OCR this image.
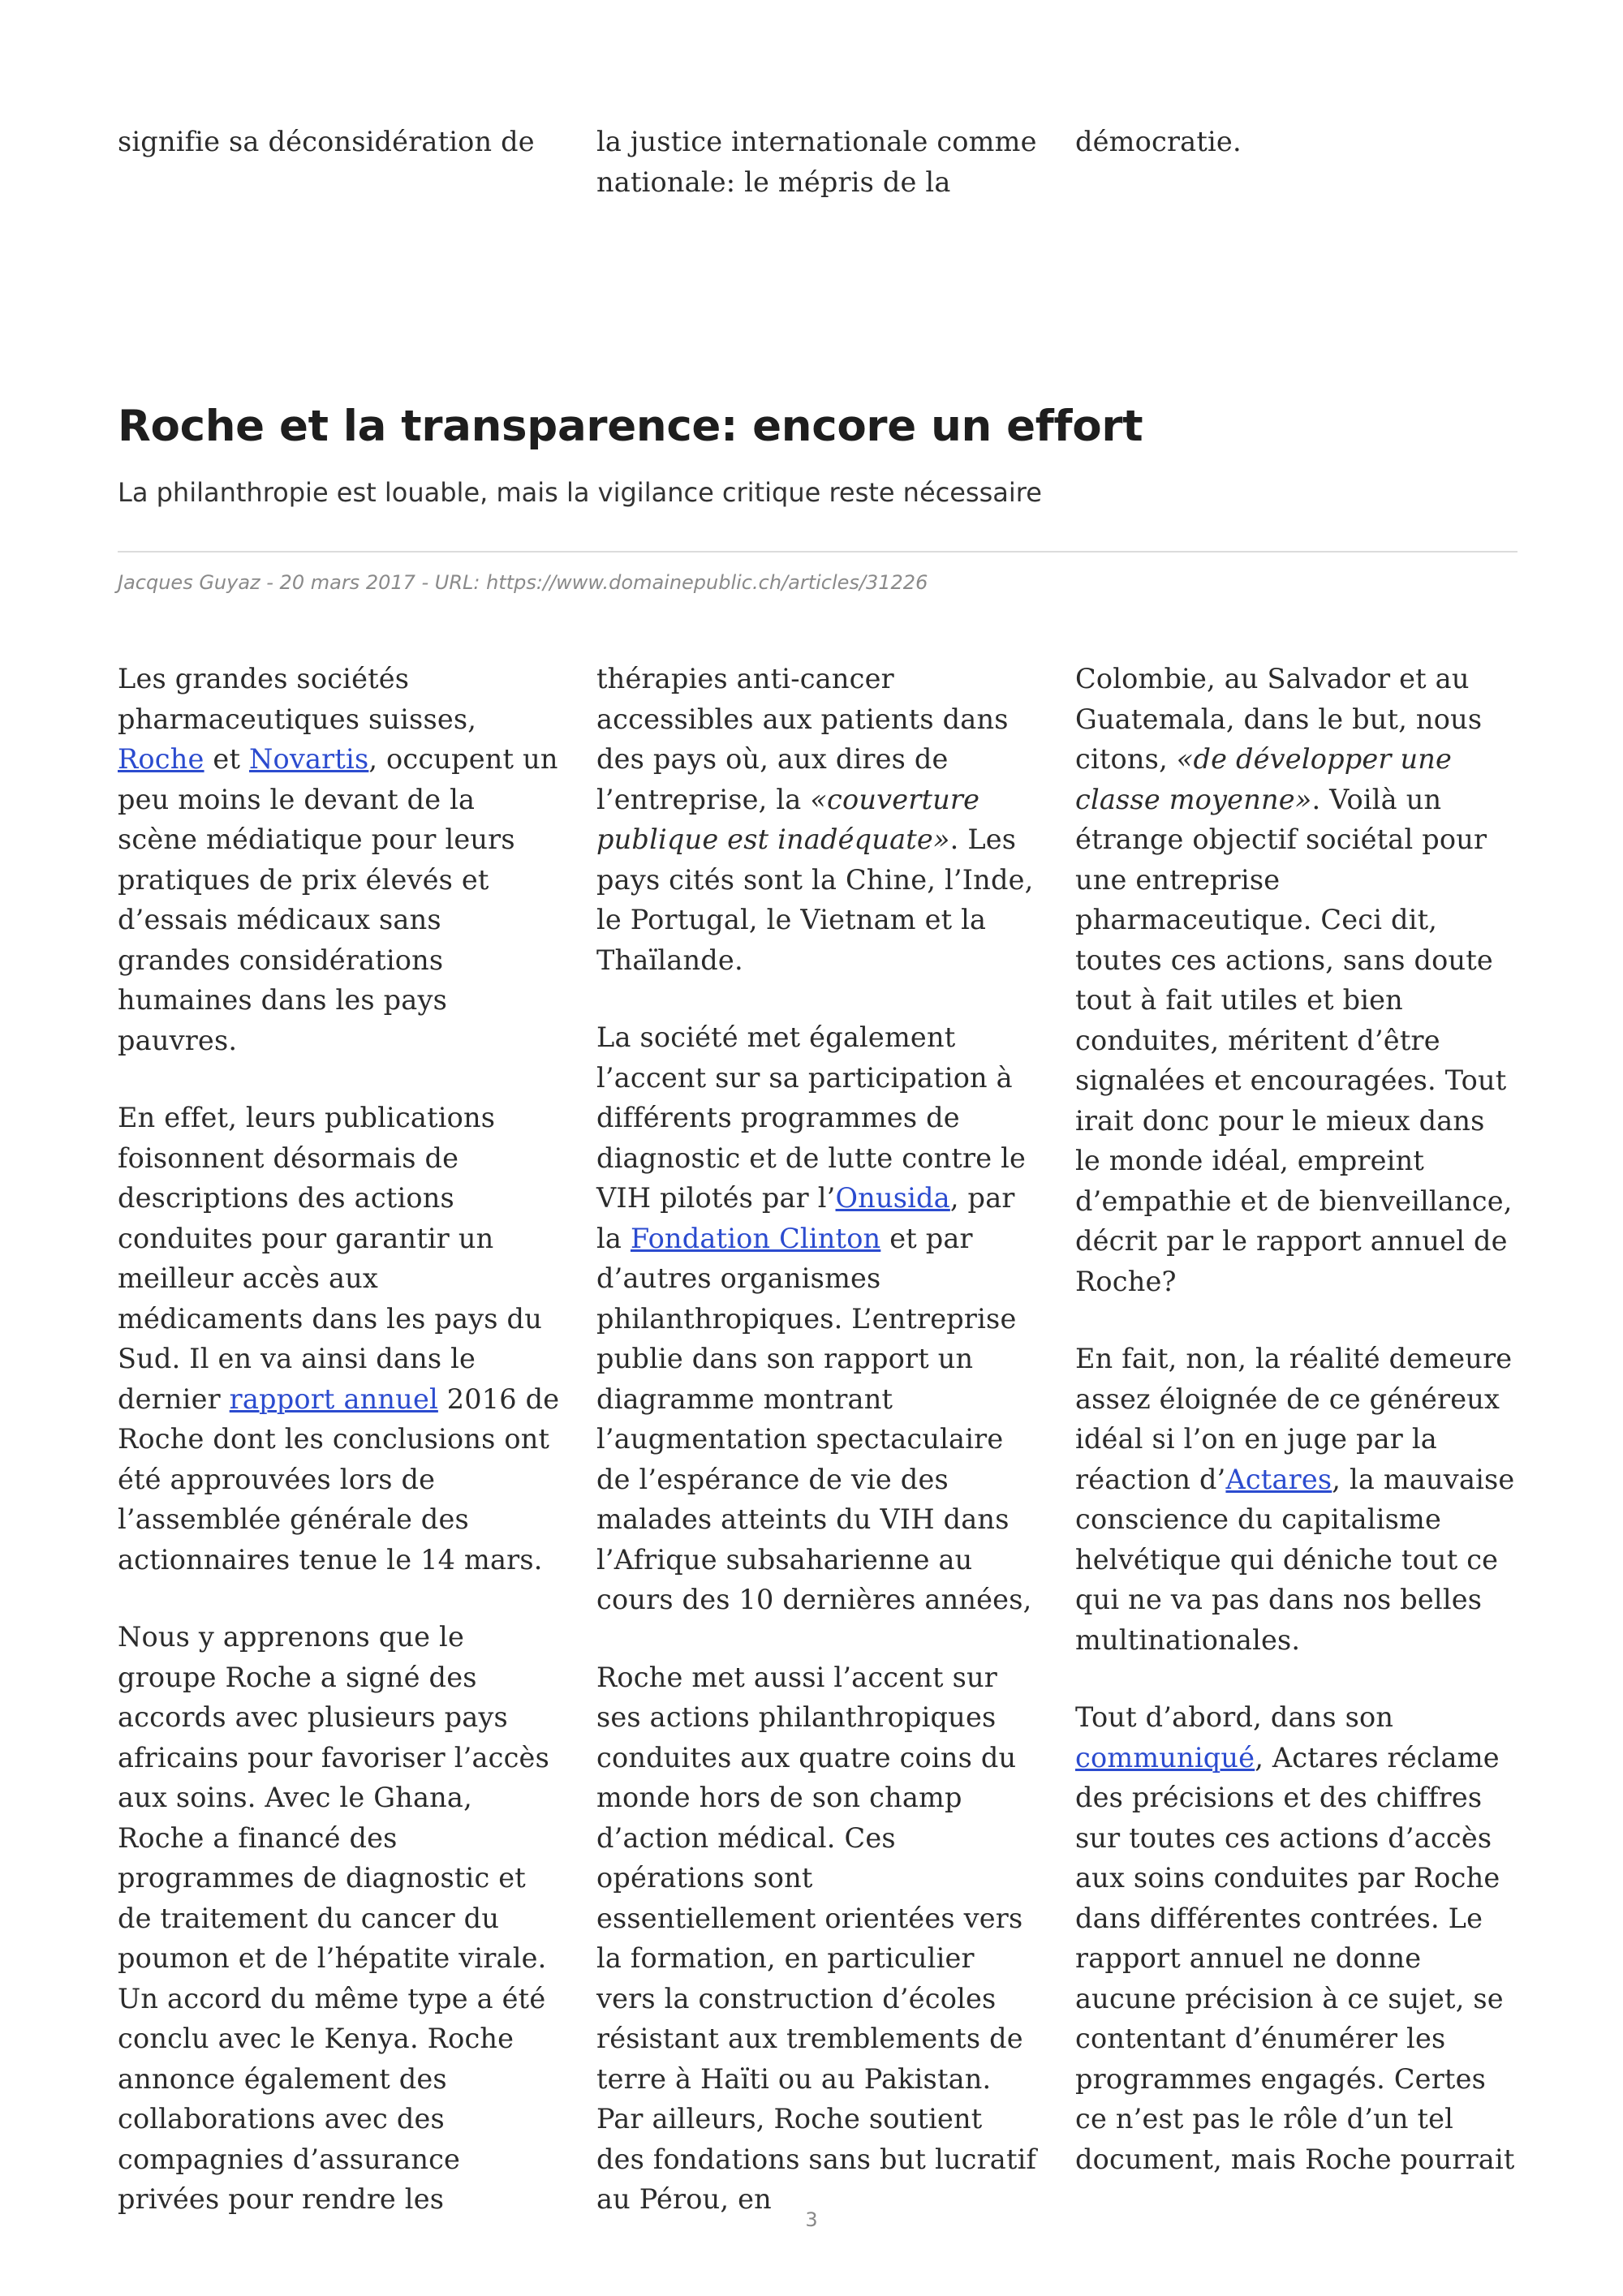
signifie sa déconsidération de	la justice internationale comme nationale: le mépris de la

démocratie.

Roche et la transparence: encore un effort

La philanthropie est louable, mais la vigilance critique reste nécessaire

Jacques Guyaz - 20 mars 2017 - URL: https://www.domainepublic.ch/articles/31226

Les grandes sociétés pharmaceutiques suisses, Roche et Novartis, occupent un peu moins le devant de la scène médiatique pour leurs pratiques de prix élevés et d’essais médicaux sans grandes considérations humaines dans les pays pauvres.

En effet, leurs publications foisonnent désormais de descriptions des actions conduites pour garantir un meilleur accès aux médicaments dans les pays du Sud. Il en va ainsi dans le dernier rapport annuel 2016 de Roche dont les conclusions ont été approuvées lors de l’assemblée générale des actionnaires tenue le 14 mars.

Nous y apprenons que le groupe Roche a signé des accords avec plusieurs pays africains pour favoriser l’accès aux soins. Avec le Ghana, Roche a financé des programmes de diagnostic et de traitement du cancer du poumon et de l’hépatite virale. Un accord du même type a été conclu avec le Kenya. Roche annonce également des collaborations avec des compagnies d’assurance privées pour rendre les

thérapies anti-cancer accessibles aux patients dans des pays où, aux dires de l’entreprise, la «couverture publique est inadéquate». Les pays cités sont la Chine, l’Inde, le Portugal, le Vietnam et la Thaïlande.

La société met également l’accent sur sa participation à différents programmes de diagnostic et de lutte contre le VIH pilotés par l’Onusida, par la Fondation Clinton et par d’autres organismes philanthropiques. L’entreprise publie dans son rapport un diagramme montrant l’augmentation spectaculaire de l’espérance de vie des malades atteints du VIH dans l’Afrique subsaharienne au cours des 10 dernières années,

Roche met aussi l’accent sur ses actions philanthropiques conduites aux quatre coins du monde hors de son champ d’action médical. Ces opérations sont essentiellement orientées vers la formation, en particulier vers la construction d’écoles résistant aux tremblements de terre à Haïti ou au Pakistan. Par ailleurs, Roche soutient des fondations sans but lucratif au Pérou, en

Colombie, au Salvador et au Guatemala, dans le but, nous citons, «de développer une classe moyenne». Voilà un étrange objectif sociétal pour une entreprise pharmaceutique. Ceci dit, toutes ces actions, sans doute tout à fait utiles et bien conduites, méritent d’être signalées et encouragées. Tout irait donc pour le mieux dans le monde idéal, empreint d’empathie et de bienveillance, décrit par le rapport annuel de Roche?

En fait, non, la réalité demeure assez éloignée de ce généreux idéal si l’on en juge par la réaction d’Actares, la mauvaise conscience du capitalisme helvétique qui déniche tout ce qui ne va pas dans nos belles multinationales.

Tout d’abord, dans son communiqué, Actares réclame des précisions et des chiffres sur toutes ces actions d’accès aux soins conduites par Roche dans différentes contrées. Le rapport annuel ne donne aucune précision à ce sujet, se contentant d’énumérer les programmes engagés. Certes ce n’est pas le rôle d’un tel document, mais Roche pourrait

3
